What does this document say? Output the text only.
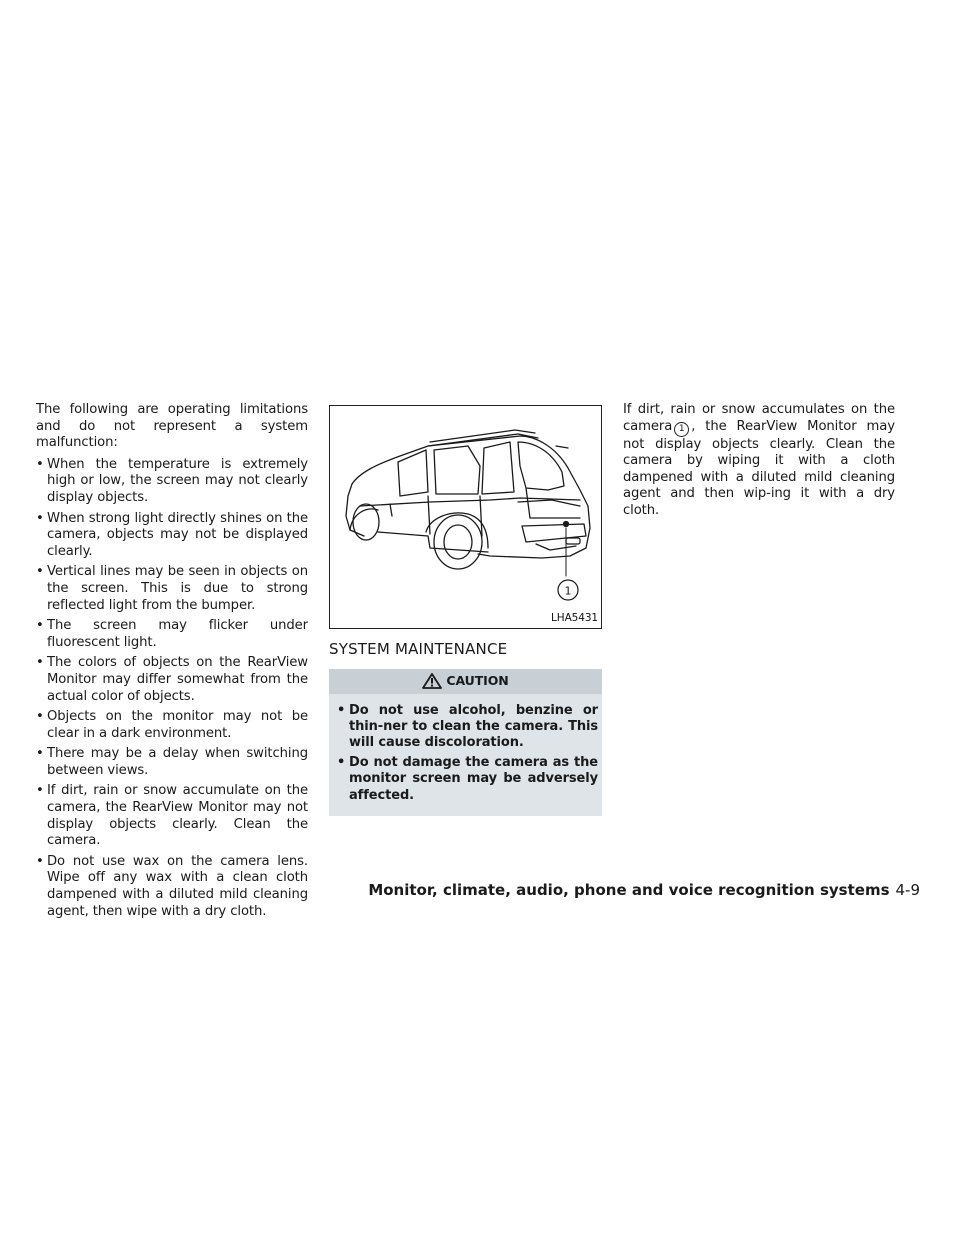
The following are operating limitations and do not represent a system malfunction:

• When the temperature is extremely high or low, the screen may not clearly display objects.
• When strong light directly shines on the camera, objects may not be displayed clearly.
• Vertical lines may be seen in objects on the screen. This is due to strong reflected light from the bumper.
• The screen may flicker under fluorescent light.
• The colors of objects on the RearView Monitor may differ somewhat from the actual color of objects.
• Objects on the monitor may not be clear in a dark environment.
• There may be a delay when switching between views.
• If dirt, rain or snow accumulate on the camera, the RearView Monitor may not display objects clearly. Clean the camera.
• Do not use wax on the camera lens. Wipe off any wax with a clean cloth dampened with a diluted mild cleaning agent, then wipe with a dry cloth.
1
LHA5431
SYSTEM MAINTENANCE
CAUTION
• Do not use alcohol, benzine or thin-ner to clean the camera. This will cause discoloration.
• Do not damage the camera as the monitor screen may be adversely affected.

If dirt, rain or snow accumulates on the camera 1 , the RearView Monitor may not display objects clearly. Clean the camera by wiping it with a cloth dampened with a diluted mild cleaning agent and then wip-ing it with a dry cloth.

Monitor, climate, audio, phone and voice recognition systems 4-9
